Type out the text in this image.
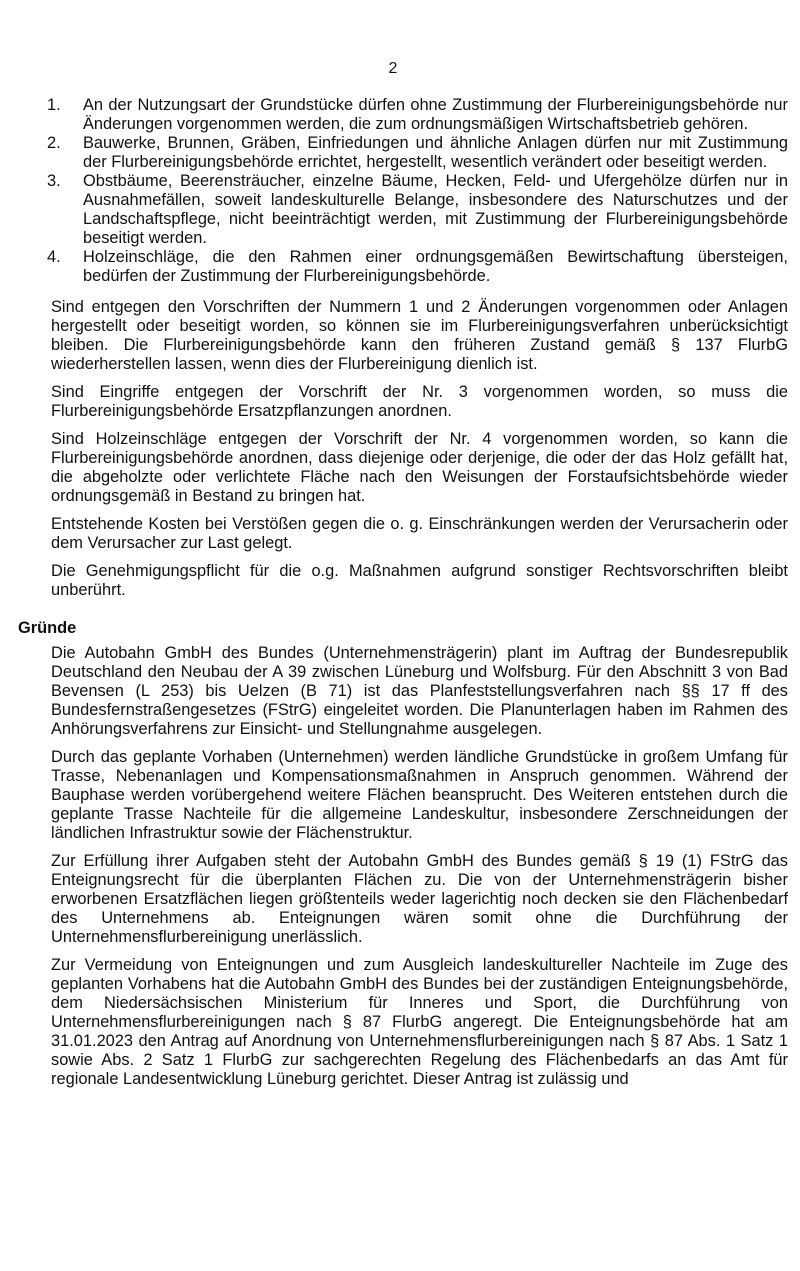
2
1. An der Nutzungsart der Grundstücke dürfen ohne Zustimmung der Flurbereinigungsbehörde nur Änderungen vorgenommen werden, die zum ordnungsmäßigen Wirtschaftsbetrieb gehören.
2. Bauwerke, Brunnen, Gräben, Einfriedungen und ähnliche Anlagen dürfen nur mit Zustimmung der Flurbereinigungsbehörde errichtet, hergestellt, wesentlich verändert oder beseitigt werden.
3. Obstbäume, Beerensträucher, einzelne Bäume, Hecken, Feld- und Ufergehölze dürfen nur in Ausnahmefällen, soweit landeskulturelle Belange, insbesondere des Naturschutzes und der Landschaftspflege, nicht beeinträchtigt werden, mit Zustimmung der Flurbereinigungsbehörde beseitigt werden.
4. Holzeinschläge, die den Rahmen einer ordnungsgemäßen Bewirtschaftung übersteigen, bedürfen der Zustimmung der Flurbereinigungsbehörde.

Sind entgegen den Vorschriften der Nummern 1 und 2 Änderungen vorgenommen oder Anlagen hergestellt oder beseitigt worden, so können sie im Flurbereinigungsverfahren unberücksichtigt bleiben. Die Flurbereinigungsbehörde kann den früheren Zustand gemäß § 137 FlurbG wiederherstellen lassen, wenn dies der Flurbereinigung dienlich ist.

Sind Eingriffe entgegen der Vorschrift der Nr. 3 vorgenommen worden, so muss die Flurbereinigungsbehörde Ersatzpflanzungen anordnen.

Sind Holzeinschläge entgegen der Vorschrift der Nr. 4 vorgenommen worden, so kann die Flurbereinigungsbehörde anordnen, dass diejenige oder derjenige, die oder der das Holz gefällt hat, die abgeholzte oder verlichtete Fläche nach den Weisungen der Forstaufsichtsbehörde wieder ordnungsgemäß in Bestand zu bringen hat.

Entstehende Kosten bei Verstößen gegen die o. g. Einschränkungen werden der Verursacherin oder dem Verursacher zur Last gelegt.

Die Genehmigungspflicht für die o.g. Maßnahmen aufgrund sonstiger Rechtsvorschriften bleibt unberührt.

Gründe

Die Autobahn GmbH des Bundes (Unternehmensträgerin) plant im Auftrag der Bundesrepublik Deutschland den Neubau der A 39 zwischen Lüneburg und Wolfsburg. Für den Abschnitt 3 von Bad Bevensen (L 253) bis Uelzen (B 71) ist das Planfeststellungsverfahren nach §§ 17 ff des Bundesfernstraßengesetzes (FStrG) eingeleitet worden. Die Planunterlagen haben im Rahmen des Anhörungsverfahrens zur Einsicht- und Stellungnahme ausgelegen.

Durch das geplante Vorhaben (Unternehmen) werden ländliche Grundstücke in großem Umfang für Trasse, Nebenanlagen und Kompensationsmaßnahmen in Anspruch genommen. Während der Bauphase werden vorübergehend weitere Flächen beansprucht. Des Weiteren entstehen durch die geplante Trasse Nachteile für die allgemeine Landeskultur, insbesondere Zerschneidungen der ländlichen Infrastruktur sowie der Flächenstruktur.

Zur Erfüllung ihrer Aufgaben steht der Autobahn GmbH des Bundes gemäß § 19 (1) FStrG das Enteignungsrecht für die überplanten Flächen zu. Die von der Unternehmensträgerin bisher erworbenen Ersatzflächen liegen größtenteils weder lagerichtig noch decken sie den Flächenbedarf des Unternehmens ab. Enteignungen wären somit ohne die Durchführung der Unternehmensflurbereinigung unerlässlich.

Zur Vermeidung von Enteignungen und zum Ausgleich landeskultureller Nachteile im Zuge des geplanten Vorhabens hat die Autobahn GmbH des Bundes bei der zuständigen Enteignungsbehörde, dem Niedersächsischen Ministerium für Inneres und Sport, die Durchführung von Unternehmensflurbereinigungen nach § 87 FlurbG angeregt. Die Enteignungsbehörde hat am 31.01.2023 den Antrag auf Anordnung von Unternehmensflurbereinigungen nach § 87 Abs. 1 Satz 1 sowie Abs. 2 Satz 1 FlurbG zur sachgerechten Regelung des Flächenbedarfs an das Amt für regionale Landesentwicklung Lüneburg gerichtet. Dieser Antrag ist zulässig und
